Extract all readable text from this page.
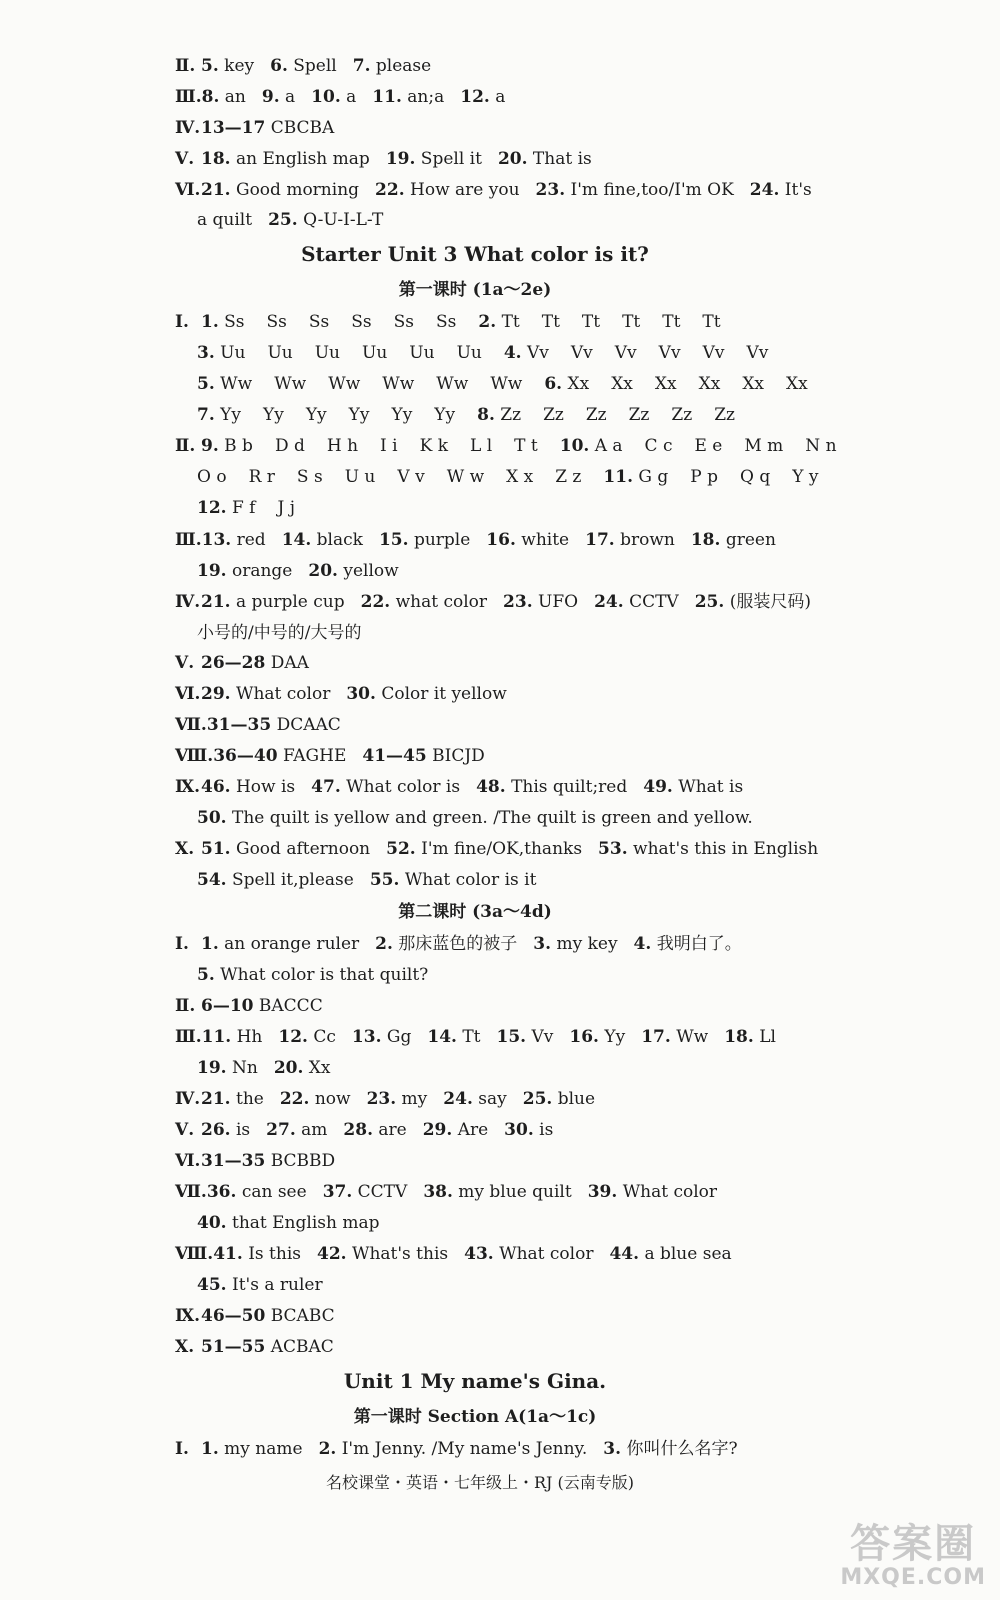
Ⅱ. 5. key 6. Spell 7. please
Ⅲ.8. an 9. a 10. a 11. an;a 12. a
Ⅳ.13—17 CBCBA
Ⅴ. 18. an English map 19. Spell it 20. That is
Ⅵ.21. Good morning 22. How are you 23. I'm fine,too/I'm OK 24. It's
a quilt 25. Q-U-I-L-T
Starter Unit 3 What color is it?
第一课时 (1a～2e)
Ⅰ. 1. Ss Ss Ss Ss Ss Ss 2. Tt Tt Tt Tt Tt Tt
3. Uu Uu Uu Uu Uu Uu 4. Vv Vv Vv Vv Vv Vv
5. Ww Ww Ww Ww Ww Ww 6. Xx Xx Xx Xx Xx Xx
7. Yy Yy Yy Yy Yy Yy 8. Zz Zz Zz Zz Zz Zz
Ⅱ. 9. B b D d H h I i K k L l T t 10. A a C c E e M m N n
O o R r S s U u V v W w X x Z z 11. G g P p Q q Y y
12. F f J j
Ⅲ.13. red 14. black 15. purple 16. white 17. brown 18. green
19. orange 20. yellow
Ⅳ.21. a purple cup 22. what color 23. UFO 24. CCTV 25. (服装尺码)
小号的/中号的/大号的
Ⅴ. 26—28 DAA
Ⅵ.29. What color 30. Color it yellow
Ⅶ.31—35 DCAAC
Ⅷ.36—40 FAGHE 41—45 BICJD
Ⅸ.46. How is 47. What color is 48. This quilt;red 49. What is
50. The quilt is yellow and green. /The quilt is green and yellow.
Ⅹ. 51. Good afternoon 52. I'm fine/OK,thanks 53. what's this in English
54. Spell it,please 55. What color is it
第二课时 (3a～4d)
Ⅰ. 1. an orange ruler 2. 那床蓝色的被子 3. my key 4. 我明白了。
5. What color is that quilt?
Ⅱ. 6—10 BACCC
Ⅲ.11. Hh 12. Cc 13. Gg 14. Tt 15. Vv 16. Yy 17. Ww 18. Ll
19. Nn 20. Xx
Ⅳ.21. the 22. now 23. my 24. say 25. blue
Ⅴ. 26. is 27. am 28. are 29. Are 30. is
Ⅵ.31—35 BCBBD
Ⅶ.36. can see 37. CCTV 38. my blue quilt 39. What color
40. that English map
Ⅷ.41. Is this 42. What's this 43. What color 44. a blue sea
45. It's a ruler
Ⅸ.46—50 BCABC
Ⅹ. 51—55 ACBAC
Unit 1 My name's Gina.
第一课时 Section A(1a～1c)
Ⅰ. 1. my name 2. I'm Jenny. /My name's Jenny. 3. 你叫什么名字?
名校课堂・英语・七年级上・RJ (云南专版)
答案圈
MXQE.COM
